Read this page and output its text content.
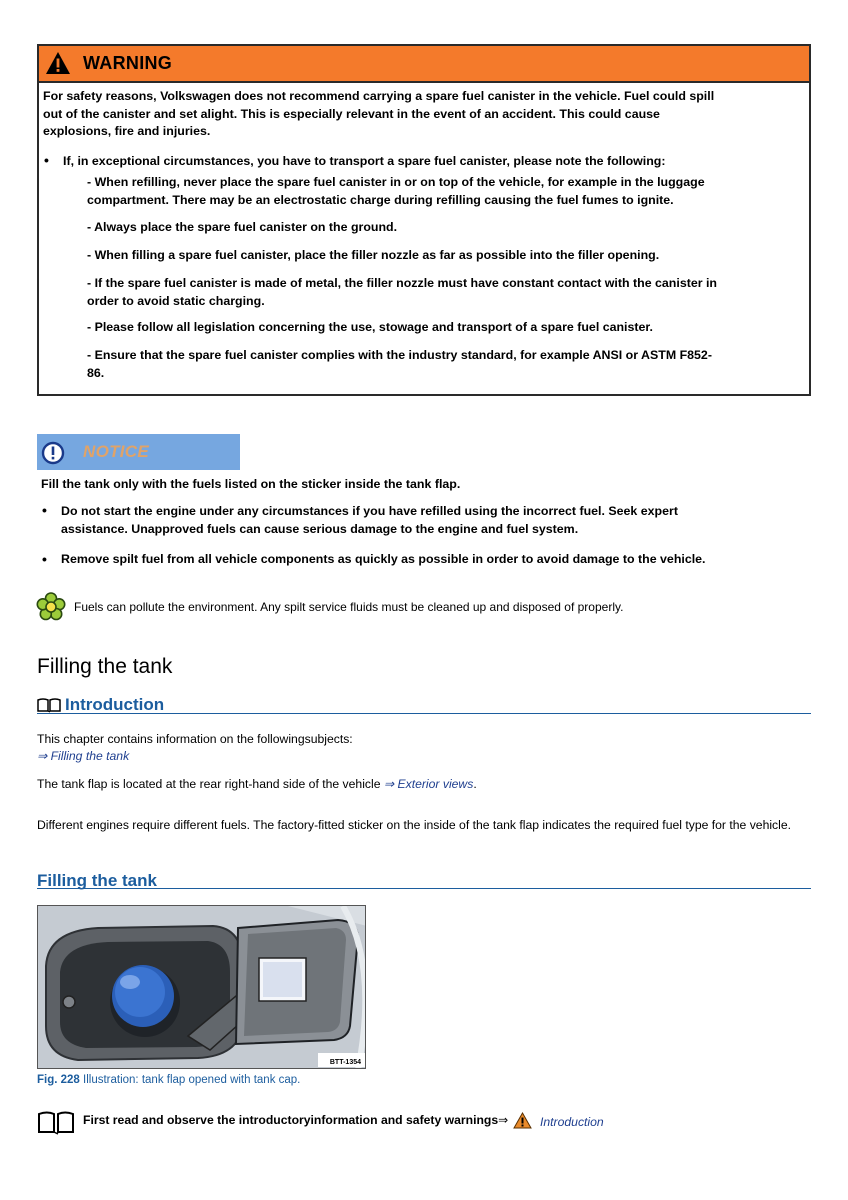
WARNING
For safety reasons, Volkswagen does not recommend carrying a spare fuel canister in the vehicle. Fuel could spill
out of the canister and set alight. This is especially relevant in the event of an accident. This could cause
explosions, fire and injuries.
• If, in exceptional circumstances, you have to transport a spare fuel canister, please note the following:
- When refilling, never place the spare fuel canister in or on top of the vehicle, for example in the luggage
compartment. There may be an electrostatic charge during refilling causing the fuel fumes to ignite.
- Always place the spare fuel canister on the ground.
- When filling a spare fuel canister, place the filler nozzle as far as possible into the filler opening.
- If the spare fuel canister is made of metal, the filler nozzle must have constant contact with the canister in
order to avoid static charging.
- Please follow all legislation concerning the use, stowage and transport of a spare fuel canister.
- Ensure that the spare fuel canister complies with the industry standard, for example ANSI or ASTM F852-
86.
NOTICE
Fill the tank only with the fuels listed on the sticker inside the tank flap.
• Do not start the engine under any circumstances if you have refilled using the incorrect fuel. Seek expert
assistance. Unapproved fuels can cause serious damage to the engine and fuel system.
• Remove spilt fuel from all vehicle components as quickly as possible in order to avoid damage to the vehicle.
Fuels can pollute the environment. Any spilt service fluids must be cleaned up and disposed of properly.
Filling the tank
Introduction
This chapter contains information on the followingsubjects:
⇒ Filling the tank
The tank flap is located at the rear right-hand side of the vehicle ⇒ Exterior views.
Different engines require different fuels. The factory-fitted sticker on the inside of the tank flap indicates the required fuel type for the vehicle.
Filling the tank
BTT-1354
Fig. 228 Illustration: tank flap opened with tank cap.
First read and observe the introductoryinformation and safety warnings⇒	Introduction
